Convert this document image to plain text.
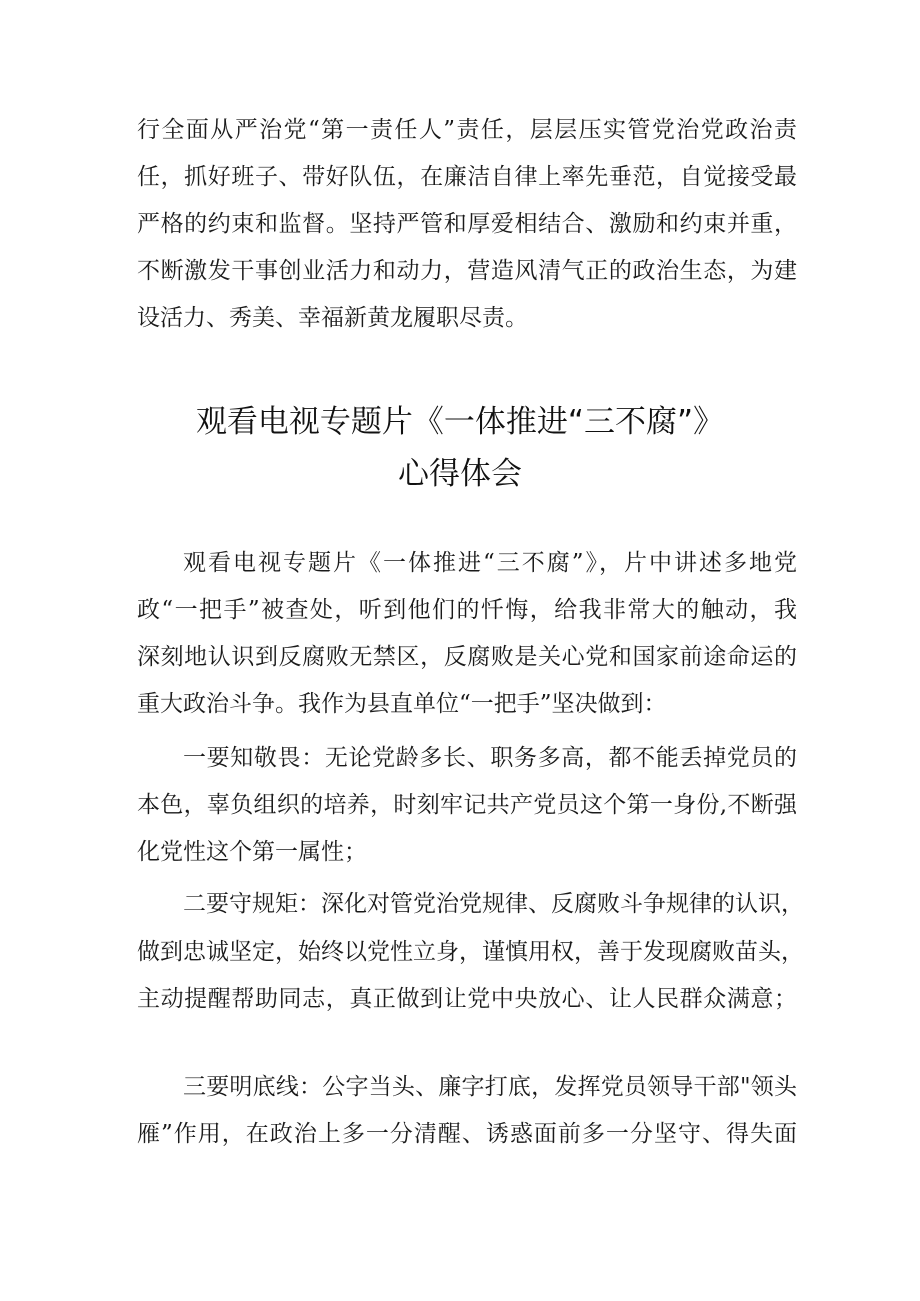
行全面从严治党“第一责任人”责任，层层压实管党治党政治责
任，抓好班子、带好队伍，在廉洁自律上率先垂范，自觉接受最
严格的约束和监督。坚持严管和厚爱相结合、激励和约束并重，
不断激发干事创业活力和动力，营造风清气正的政治生态，为建
设活力、秀美、幸福新黄龙履职尽责。
观看电视专题片《一体推进“三不腐”》
心得体会
观看电视专题片《一体推进“三不腐”》，片中讲述多地党
政“一把手”被查处，听到他们的忏悔，给我非常大的触动，我
深刻地认识到反腐败无禁区，反腐败是关心党和国家前途命运的
重大政治斗争。我作为县直单位“一把手”坚决做到：
一要知敬畏：无论党龄多长、职务多高，都不能丢掉党员的
本色，辜负组织的培养，时刻牢记共产党员这个第一身份,不断强
化党性这个第一属性；
二要守规矩：深化对管党治党规律、反腐败斗争规律的认识，
做到忠诚坚定，始终以党性立身，谨慎用权，善于发现腐败苗头，
主动提醒帮助同志，真正做到让党中央放心、让人民群众满意；
三要明底线：公字当头、廉字打底，发挥党员领导干部"领头
雁”作用，在政治上多一分清醒、诱惑面前多一分坚守、得失面
